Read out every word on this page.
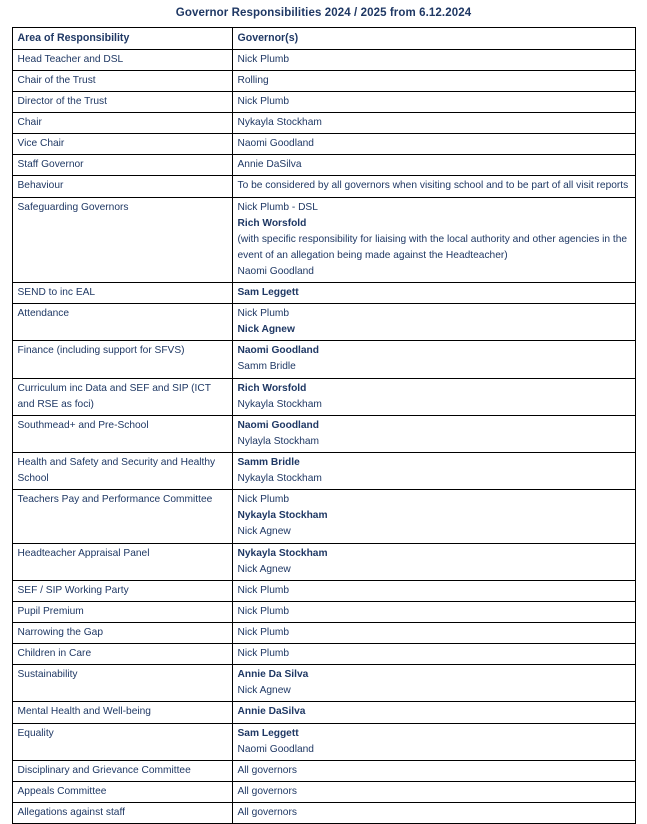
Governor Responsibilities 2024 / 2025 from 6.12.2024
Area of Responsibility	Governor(s)
Head Teacher and DSL	Nick Plumb

Chair of the Trust	Rolling

Director of the Trust	Nick Plumb

Chair	Nykayla Stockham

Vice Chair	Naomi Goodland

Staff Governor	Annie DaSilva

Behaviour	To be considered by all governors when visiting school and to be part of all visit reports

Safeguarding Governors	Nick Plumb - DSL
Rich Worsfold
(with specific responsibility for liaising with the local authority and other agencies in the event of an allegation being made against the Headteacher)
Naomi Goodland

SEND to inc EAL	Sam Leggett

Attendance	Nick Plumb
Nick Agnew

Finance (including support for SFVS)	Naomi Goodland
Samm Bridle

Curriculum inc Data and SEF and SIP (ICT and RSE as foci)	Rich Worsfold
Nykayla Stockham

Southmead+ and Pre-School	Naomi Goodland
Nylayla Stockham

Health and Safety and Security and Healthy School	Samm Bridle
Nykayla Stockham

Teachers Pay and Performance Committee	Nick Plumb
Nykayla Stockham
Nick Agnew

Headteacher Appraisal Panel	Nykayla Stockham
Nick Agnew

SEF / SIP Working Party	Nick Plumb

Pupil Premium	Nick Plumb

Narrowing the Gap	Nick Plumb

Children in Care	Nick Plumb

Sustainability	Annie Da Silva
Nick Agnew

Mental Health and Well-being	Annie DaSilva

Equality	Sam Leggett
Naomi Goodland

Disciplinary and Grievance Committee	All governors

Appeals Committee	All governors

Allegations against staff	All governors
